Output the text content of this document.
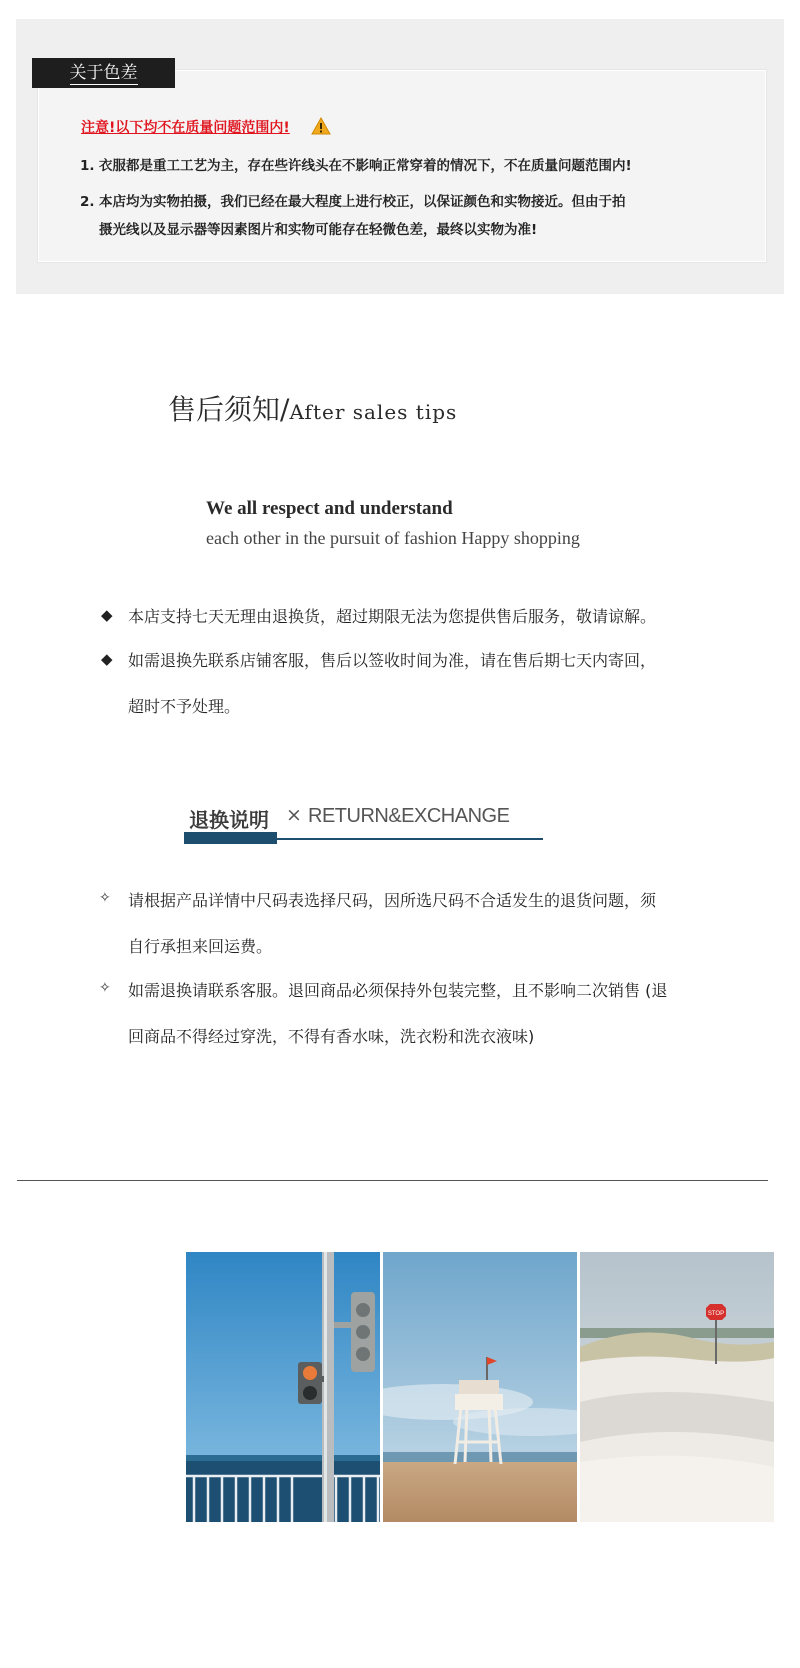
关于色差
注意!以下均不在质量问题范围内!
1. 衣服都是重工工艺为主，存在些许线头在不影响正常穿着的情况下，不在质量问题范围内!
2. 本店均为实物拍摄，我们已经在最大程度上进行校正，以保证颜色和实物接近。但由于拍
摄光线以及显示器等因素图片和实物可能存在轻微色差，最终以实物为准!
售后须知/After sales tips
We all respect and understand
each other in the pursuit of fashion Happy shopping
◆ 本店支持七天无理由退换货，超过期限无法为您提供售后服务，敬请谅解。
◆ 如需退换先联系店铺客服，售后以签收时间为准，请在售后期七天内寄回，
超时不予处理。
退换说明 × RETURN&EXCHANGE
✧ 请根据产品详情中尺码表选择尺码，因所选尺码不合适发生的退货问题，须
自行承担来回运费。
✧ 如需退换请联系客服。退回商品必须保持外包装完整，且不影响二次销售 (退
回商品不得经过穿洗，不得有香水味，洗衣粉和洗衣液味)
STOP
